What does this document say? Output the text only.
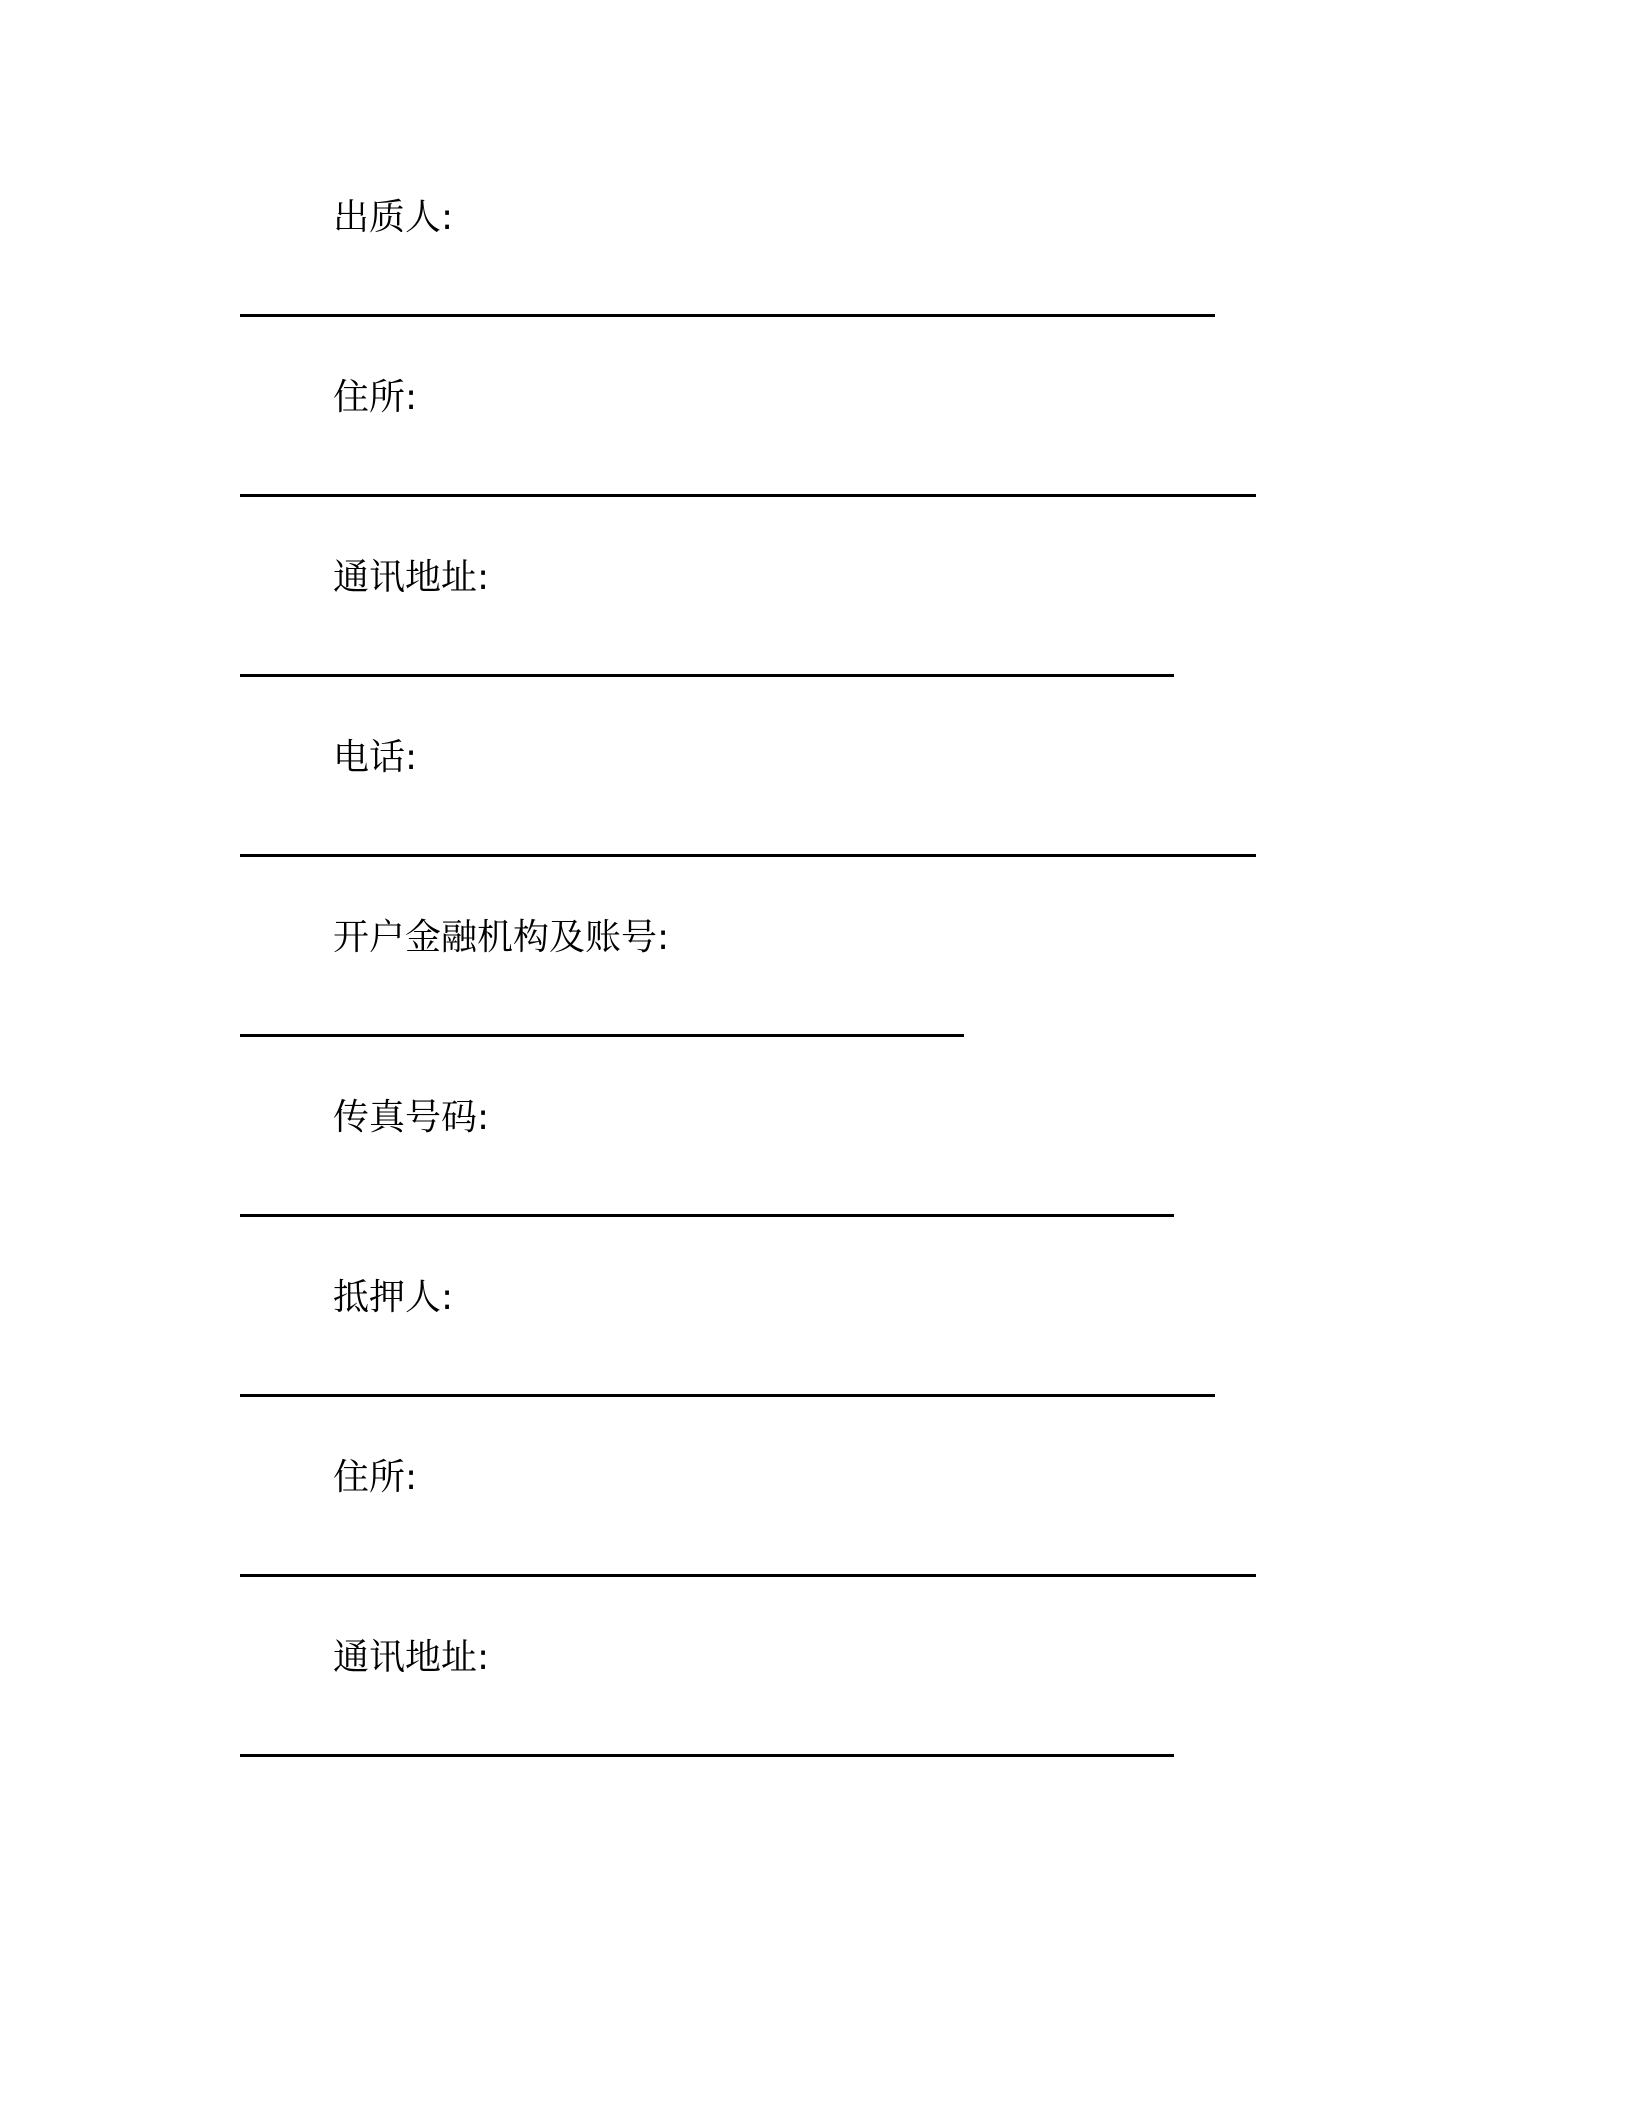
出质人:
住所:
通讯地址:
电话:
开户金融机构及账号:
传真号码:
抵押人:
住所:
通讯地址:
